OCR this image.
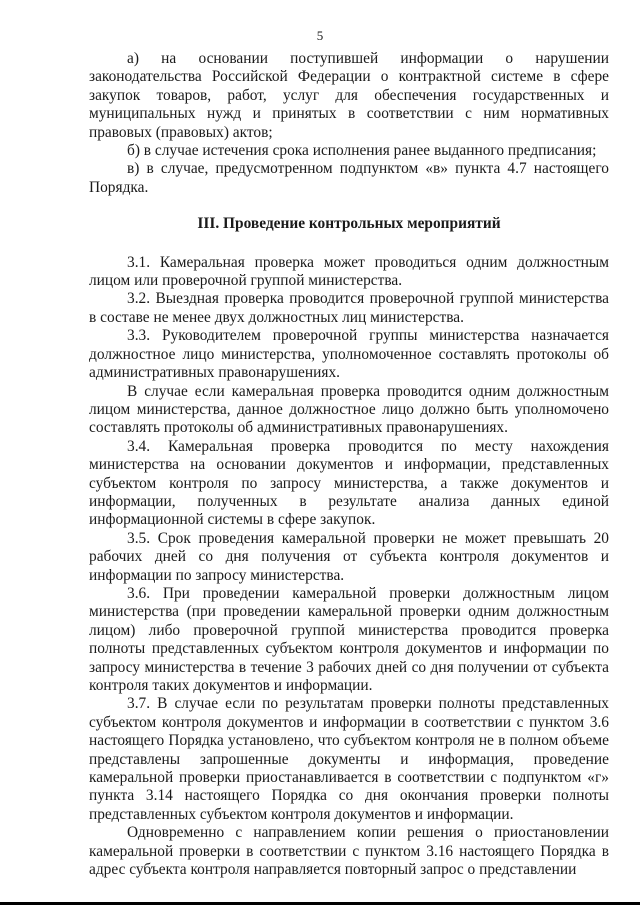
5

а) на основании поступившей информации о нарушении законодательства Российской Федерации о контрактной системе в сфере закупок товаров, работ, услуг для обеспечения государственных и муниципальных нужд и принятых в соответствии с ним нормативных правовых (правовых) актов;

б) в случае истечения срока исполнения ранее выданного предписания;

в) в случае, предусмотренном подпунктом «в» пункта 4.7 настоящего Порядка.

III. Проведение контрольных мероприятий

3.1. Камеральная проверка может проводиться одним должностным лицом или проверочной группой министерства.

3.2. Выездная проверка проводится проверочной группой министерства в составе не менее двух должностных лиц министерства.

3.3. Руководителем проверочной группы министерства назначается должностное лицо министерства, уполномоченное составлять протоколы об административных правонарушениях.

В случае если камеральная проверка проводится одним должностным лицом министерства, данное должностное лицо должно быть уполномочено составлять протоколы об административных правонарушениях.

3.4. Камеральная проверка проводится по месту нахождения министерства на основании документов и информации, представленных субъектом контроля по запросу министерства, а также документов и информации, полученных в результате анализа данных единой информационной системы в сфере закупок.

3.5. Срок проведения камеральной проверки не может превышать 20 рабочих дней со дня получения от субъекта контроля документов и информации по запросу министерства.

3.6. При проведении камеральной проверки должностным лицом министерства (при проведении камеральной проверки одним должностным лицом) либо проверочной группой министерства проводится проверка полноты представленных субъектом контроля документов и информации по запросу министерства в течение 3 рабочих дней со дня получении от субъекта контроля таких документов и информации.

3.7. В случае если по результатам проверки полноты представленных субъектом контроля документов и информации в соответствии с пунктом 3.6 настоящего Порядка установлено, что субъектом контроля не в полном объеме представлены запрошенные документы и информация, проведение камеральной проверки приостанавливается в соответствии с подпунктом «г» пункта 3.14 настоящего Порядка со дня окончания проверки полноты представленных субъектом контроля документов и информации.

Одновременно с направлением копии решения о приостановлении камеральной проверки в соответствии с пунктом 3.16 настоящего Порядка в адрес субъекта контроля направляется повторный запрос о представлении
